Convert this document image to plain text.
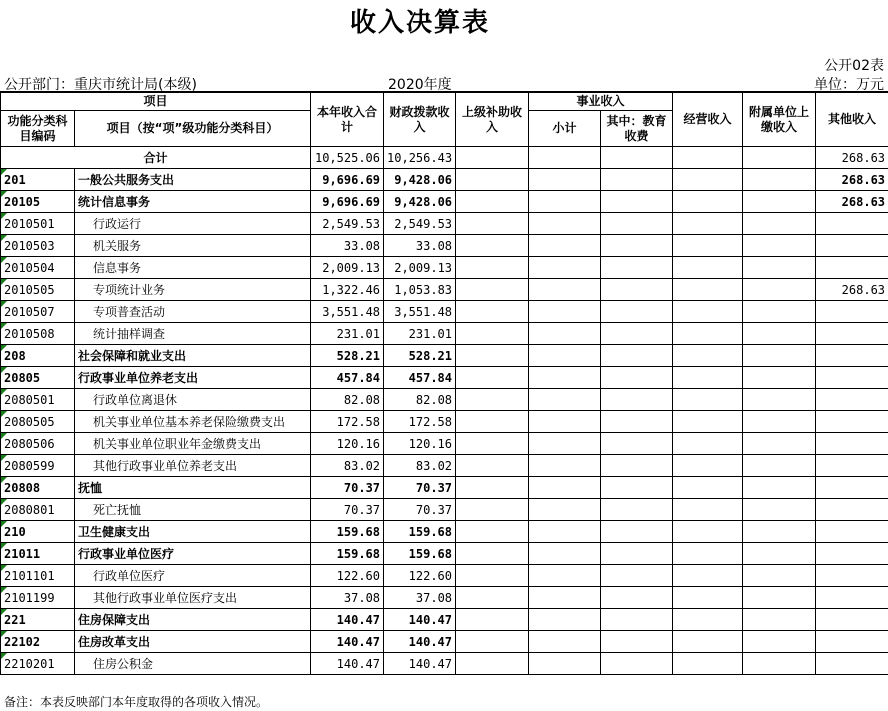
收入决算表
公开02表
公开部门：重庆市统计局(本级)	2020年度	单位：万元
项目		本年收入合计	财政拨款收入	上级补助收入	事业收入		经营收入	附属单位上缴收入	其他收入
功能分类科目编码	项目（按“项”级功能分类科目）				小计	其中：教育收费			

合计		10,525.06	10,256.43						268.63
201	一般公共服务支出	9,696.69	9,428.06						268.63
20105	统计信息事务	9,696.69	9,428.06						268.63
2010501	行政运行	2,549.53	2,549.53						
2010503	机关服务	33.08	33.08						
2010504	信息事务	2,009.13	2,009.13						
2010505	专项统计业务	1,322.46	1,053.83						268.63
2010507	专项普查活动	3,551.48	3,551.48						
2010508	统计抽样调查	231.01	231.01						
208	社会保障和就业支出	528.21	528.21						
20805	行政事业单位养老支出	457.84	457.84						
2080501	行政单位离退休	82.08	82.08						
2080505	机关事业单位基本养老保险缴费支出	172.58	172.58						
2080506	机关事业单位职业年金缴费支出	120.16	120.16						
2080599	其他行政事业单位养老支出	83.02	83.02						
20808	抚恤	70.37	70.37						
2080801	死亡抚恤	70.37	70.37						
210	卫生健康支出	159.68	159.68						
21011	行政事业单位医疗	159.68	159.68						
2101101	行政单位医疗	122.60	122.60						
2101199	其他行政事业单位医疗支出	37.08	37.08						
221	住房保障支出	140.47	140.47						
22102	住房改革支出	140.47	140.47						
2210201	住房公积金	140.47	140.47						
备注：本表反映部门本年度取得的各项收入情况。
